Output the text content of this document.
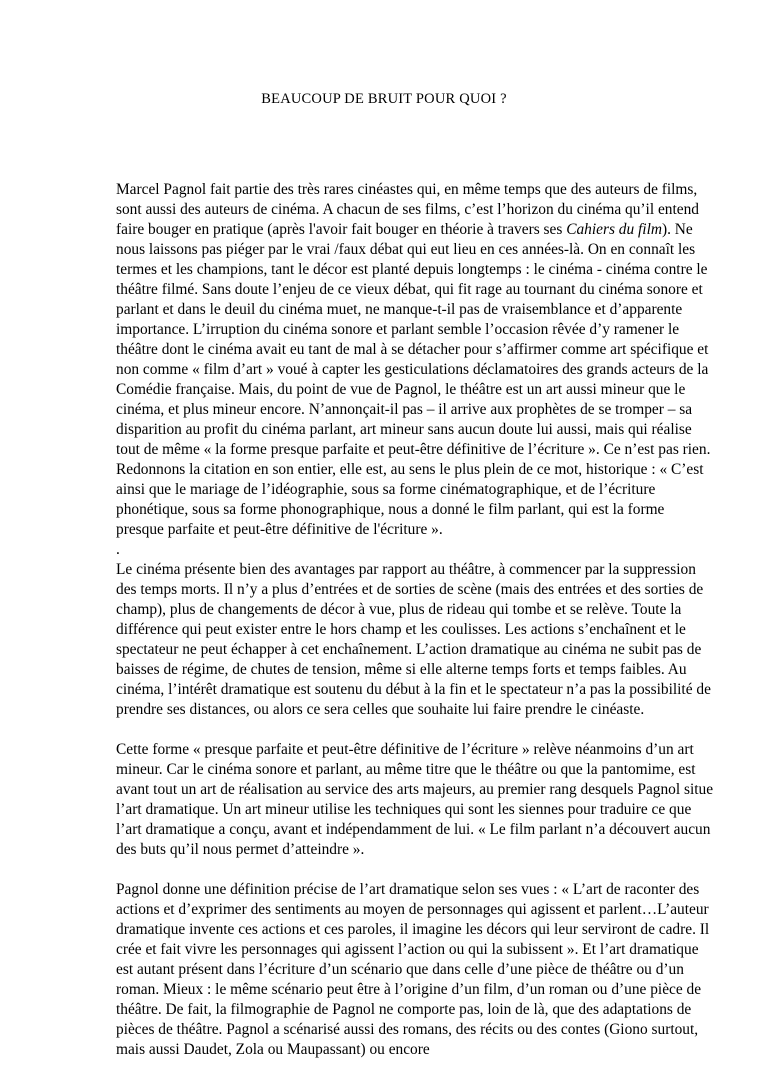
BEAUCOUP DE BRUIT POUR QUOI ?

Marcel Pagnol fait partie des très rares cinéastes qui, en même temps que des auteurs de films, sont aussi des auteurs de cinéma. A chacun de ses films, c’est l’horizon du cinéma qu’il entend faire bouger en pratique (après l'avoir fait bouger en théorie à travers ses Cahiers du film). Ne nous laissons pas piéger par le vrai /faux débat qui eut lieu en ces années-là. On en connaît les termes et les champions, tant le décor est planté depuis longtemps : le cinéma - cinéma contre le théâtre filmé. Sans doute l’enjeu de ce vieux débat, qui fit rage au tournant du cinéma sonore et parlant et dans le deuil du cinéma muet, ne manque-t-il pas de vraisemblance et d’apparente importance. L’irruption du cinéma sonore et parlant semble l’occasion rêvée d’y ramener le théâtre dont le cinéma avait eu tant de mal à se détacher pour s’affirmer comme art spécifique et non comme « film d’art » voué à capter les gesticulations déclamatoires des grands acteurs de la Comédie française. Mais, du point de vue de Pagnol, le théâtre est un art aussi mineur que le cinéma, et plus mineur encore. N’annonçait-il pas – il arrive aux prophètes de se tromper – sa disparition au profit du cinéma parlant, art mineur sans aucun doute lui aussi, mais qui réalise tout de même « la forme presque parfaite et peut-être définitive de l’écriture ». Ce n’est pas rien. Redonnons la citation en son entier, elle est, au sens le plus plein de ce mot, historique : « C’est ainsi que le mariage de l’idéographie, sous sa forme cinématographique, et de l’écriture phonétique, sous sa forme phonographique, nous a donné le film parlant, qui est la forme presque parfaite et peut-être définitive de l'écriture ».

.

Le cinéma présente bien des avantages par rapport au théâtre, à commencer par la suppression des temps morts. Il n’y a plus d’entrées et de sorties de scène (mais des entrées et des sorties de champ), plus de changements de décor à vue, plus de rideau qui tombe et se relève. Toute la différence qui peut exister entre le hors champ et les coulisses. Les actions s’enchaînent et le spectateur ne peut échapper à cet enchaînement. L’action dramatique au cinéma ne subit pas de baisses de régime, de chutes de tension, même si elle alterne temps forts et temps faibles. Au cinéma, l’intérêt dramatique est soutenu du début à la fin et le spectateur n’a pas la possibilité de prendre ses distances, ou alors ce sera celles que souhaite lui faire prendre le cinéaste.

Cette forme « presque parfaite et peut-être définitive de l’écriture » relève néanmoins d’un art mineur. Car le cinéma sonore et parlant, au même titre que le théâtre ou que la pantomime, est avant tout un art de réalisation au service des arts majeurs, au premier rang desquels Pagnol situe l’art dramatique. Un art mineur utilise les techniques qui sont les siennes pour traduire ce que l’art dramatique a conçu, avant et indépendamment de lui. « Le film parlant n’a découvert aucun des buts qu’il nous permet d’atteindre ».

Pagnol donne une définition précise de l’art dramatique selon ses vues : « L’art de raconter des actions et d’exprimer des sentiments au moyen de personnages qui agissent et parlent…L’auteur dramatique invente ces actions et ces paroles, il imagine les décors qui leur serviront de cadre. Il crée et fait vivre les personnages qui agissent l’action ou qui la subissent ». Et l’art dramatique est autant présent dans l’écriture d’un scénario que dans celle d’une pièce de théâtre ou d’un roman. Mieux : le même scénario peut être à l’origine d’un film, d’un roman ou d’une pièce de théâtre. De fait, la filmographie de Pagnol ne comporte pas, loin de là, que des adaptations de pièces de théâtre. Pagnol a scénarisé aussi des romans, des récits ou des contes (Giono surtout, mais aussi Daudet, Zola ou Maupassant) ou encore
